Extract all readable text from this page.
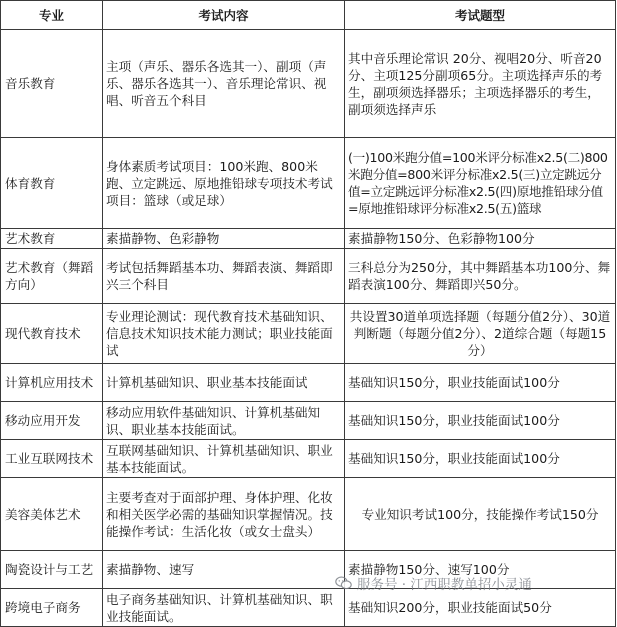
专业	考试内容	考试题型
音乐教育	主项（声乐、器乐各选其一）、副项（声乐、器乐各选其一）、音乐理论常识、视唱、听音五个科目	其中音乐理论常识 20分、视唱20分、听音20分、主项125分副项65分。主项选择声乐的考生，副项须选择器乐；主项选择器乐的考生，副项须选择声乐
体育教育	身体素质考试项目：100米跑、800米跑、立定跳远、原地推铅球专项技术考试项目：篮球（或足球）	(一)100米跑分值=100米评分标准x2.5(二)800米跑分值=800米评分标准x2.5(三)立定跳远分值=立定跳远评分标准x2.5(四)原地推铅球分值=原地推铅球评分标准x2.5(五)篮球
艺术教育	素描静物、色彩静物	素描静物150分、色彩静物100分
艺术教育（舞蹈方向）	考试包括舞蹈基本功、舞蹈表演、舞蹈即兴三个科目	三科总分为250分，其中舞蹈基本功100分、舞蹈表演100分、舞蹈即兴50分。
现代教育技术	专业理论测试：现代教育技术基础知识、信息技术知识技术能力测试；职业技能面试	共设置30道单项选择题（每题分值2分）、30道判断题（每题分值2分）、2道综合题（每题15分）
计算机应用技术	计算机基础知识、职业基本技能面试	基础知识150分，职业技能面试100分
移动应用开发	移动应用软件基础知识、计算机基础知识、职业基本技能面试。	基础知识150分，职业技能面试100分
工业互联网技术	互联网基础知识、计算机基础知识、职业基本技能面试。	基础知识150分，职业技能面试100分
美容美体艺术	主要考查对于面部护理、身体护理、化妆和相关医学必需的基础知识掌握情况。技能操作考试：生活化妆（或女士盘头）	专业知识考试100分，技能操作考试150分
陶瓷设计与工艺	素描静物、速写	素描静物150分、速写100分
跨境电子商务	电子商务基础知识、计算机基础知识、职业技能面试。	基础知识200分，职业技能面试50分
服务号 · 江西职教单招小灵通
